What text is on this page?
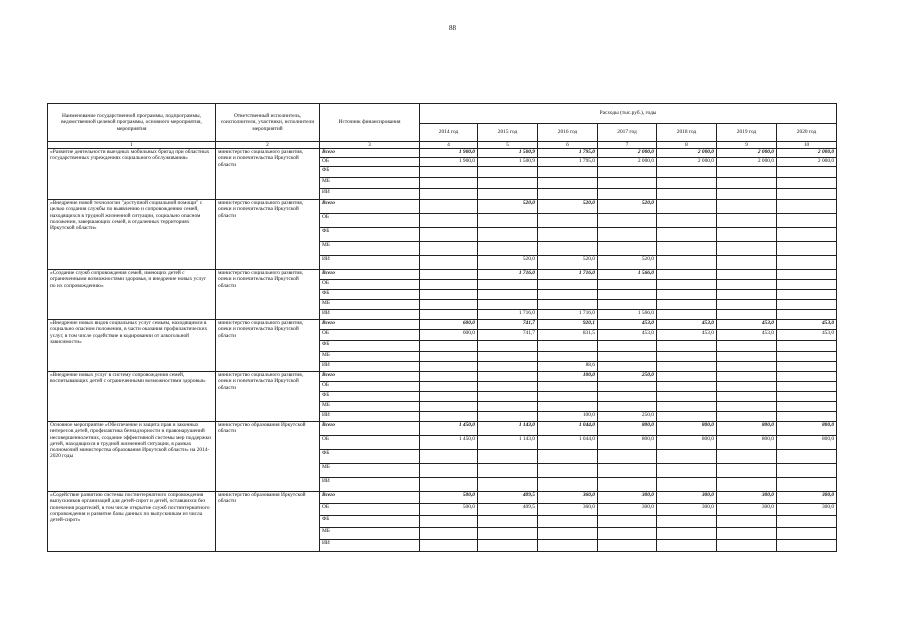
88
Наименование государственной программы, подпрограммы, ведомственной целевой программы, основного мероприятия, мероприятия	Ответственный исполнитель, соисполнители, участники, исполнители мероприятий	Источник финансирования	Расходы (тыс.руб.), годы						
			2014 год	2015 год	2016 год	2017 год	2018 год	2019 год	2020 год
1	2	3	4	5	6	7	8	9	10
«Развитие деятельности выездных мобильных бригад при областных государственных учреждениях социального обслуживания»	министерство социального развития, опеки и попечительства Иркутской области	Всего	1 900,0	1 500,9	1 795,0	2 000,0	2 000,0	2 000,0	2 000,0
		ОБ	1 900,0	1 500,9	1 795,0	2 000,0	2 000,0	2 000,0	2 000,0
		ФБ							
		МБ							
		ИИ							
«Внедрение новой технологии "доступной социальной помощи" с целью создания службы по выявлению и сопровождению семей, находящихся в трудной жизненной ситуации, социально опасном положении, завершающих семей, в отдаленных территориях Иркутской области»	министерство социального развития, опеки и попечительства Иркутской области	Всего		520,0	520,0	520,0			
		ОБ							
		ФБ							
		МБ							
		ИИ		520,0	520,0	520,0			
«Создание служб сопровождения семей, имеющих детей с ограниченными возможностями здоровья, и внедрение новых услуг по их сопровождению»	министерство социального развития, опеки и попечительства Иркутской области	Всего		1 716,0	1 716,0	1 566,0			
		ОБ							
		ФБ							
		МБ							
		ИИ		1 716,0	1 716,0	1 566,0			
«Внедрение новых видов социальных услуг семьям, находящимся в социально опасном положении, в части оказания профилактических услуг, в том числе содействие в кодировании от алкогольной зависимости»	министерство социального развития, опеки и попечительства Иркутской области	Всего	600,0	741,7	920,1	453,0	453,0	453,0	453,0
		ОБ	600,0	741,7	831,5	453,0	453,0	453,0	453,0
		ФБ							
		МБ							
		ИИ			88,6				
«Внедрение новых услуг в систему сопровождения семей, воспитывающих детей с ограниченными возможностями здоровья»	министерство социального развития, опеки и попечительства Иркутской области	Всего			100,0	250,0			
		ОБ							
		ФБ							
		МБ							
		ИИ			100,0	250,0			
Основное мероприятие «Обеспечение и защита прав и законных интересов детей, профилактика безнадзорности и правонарушений несовершеннолетних, создание эффективной системы мер поддержки детей, находящихся в трудной жизненной ситуации, в рамках полномочий министерства образования Иркутской области» на 2014-2020 годы	министерство образования Иркутской области	Всего	1 450,0	1 143,0	1 044,0	800,0	800,0	800,0	800,0
		ОБ	1 450,0	1 143,0	1 044,0	800,0	800,0	800,0	800,0
		ФБ							
		МБ							
		ИИ							
«Содействие развитию системы постинтернатного сопровождения выпускников организаций для детей-сирот и детей, оставшихся без попечения родителей, в том числе открытие служб постинтернатного сопровождения и развитие базы данных по выпускникам из числа детей-сирот»	министерство образования Иркутской области	Всего	500,0	409,5	360,0	300,0	300,0	300,0	300,0
		ОБ	500,0	409,5	360,0	300,0	300,0	300,0	300,0
		ФБ							
		МБ							
		ИИ							
